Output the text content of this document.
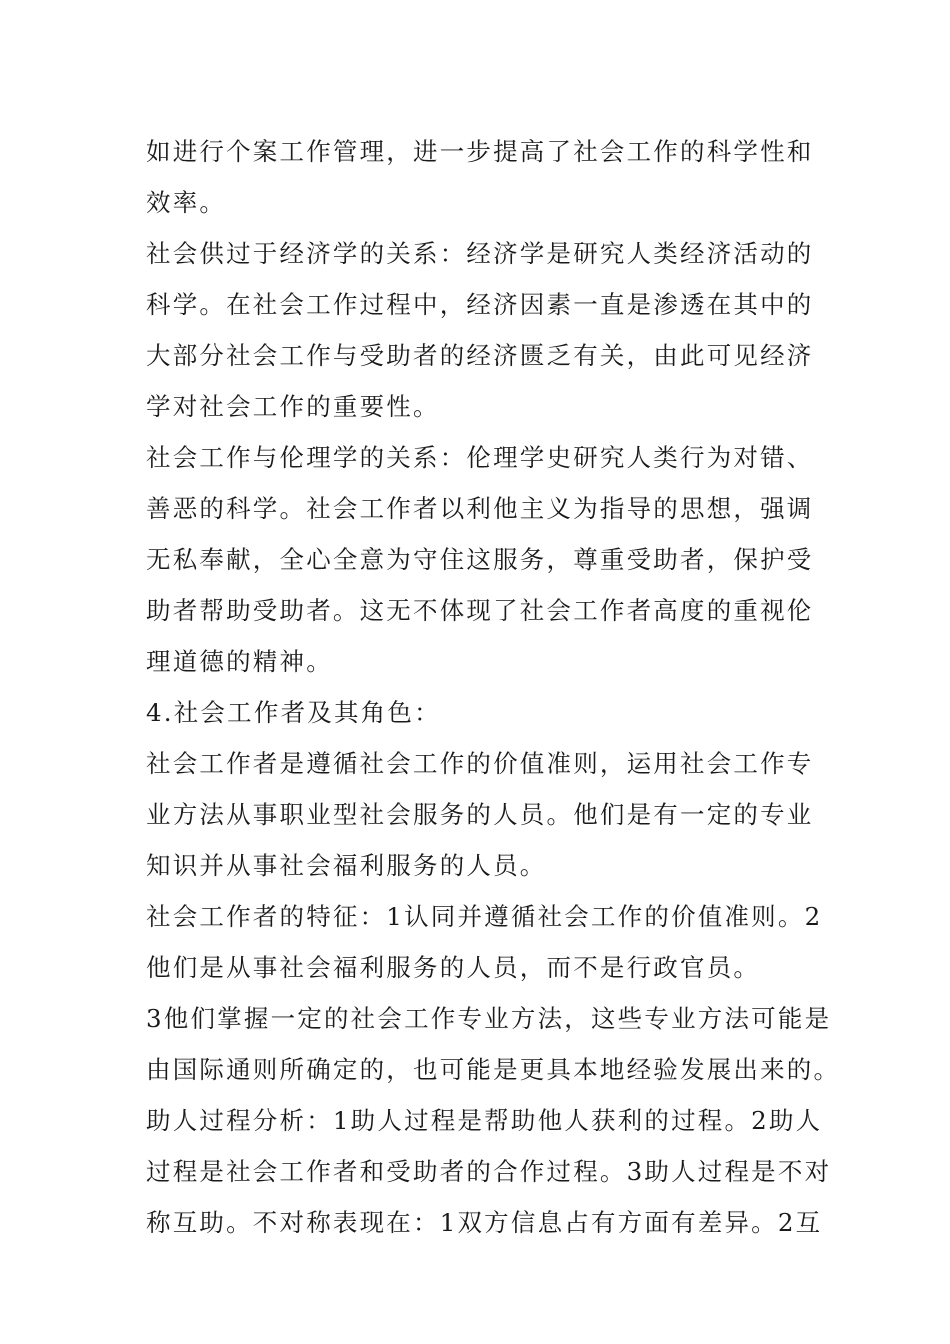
如进行个案工作管理，进一步提高了社会工作的科学性和
效率。
社会供过于经济学的关系：经济学是研究人类经济活动的
科学。在社会工作过程中，经济因素一直是渗透在其中的
大部分社会工作与受助者的经济匮乏有关，由此可见经济
学对社会工作的重要性。
社会工作与伦理学的关系：伦理学史研究人类行为对错、
善恶的科学。社会工作者以利他主义为指导的思想，强调
无私奉献，全心全意为守住这服务，尊重受助者，保护受
助者帮助受助者。这无不体现了社会工作者高度的重视伦
理道德的精神。
4.社会工作者及其角色：
社会工作者是遵循社会工作的价值准则，运用社会工作专
业方法从事职业型社会服务的人员。他们是有一定的专业
知识并从事社会福利服务的人员。
社会工作者的特征：1认同并遵循社会工作的价值准则。2
他们是从事社会福利服务的人员，而不是行政官员。
3他们掌握一定的社会工作专业方法，这些专业方法可能是
由国际通则所确定的，也可能是更具本地经验发展出来的。
助人过程分析：1助人过程是帮助他人获利的过程。2助人
过程是社会工作者和受助者的合作过程。3助人过程是不对
称互助。不对称表现在：1双方信息占有方面有差异。2互
